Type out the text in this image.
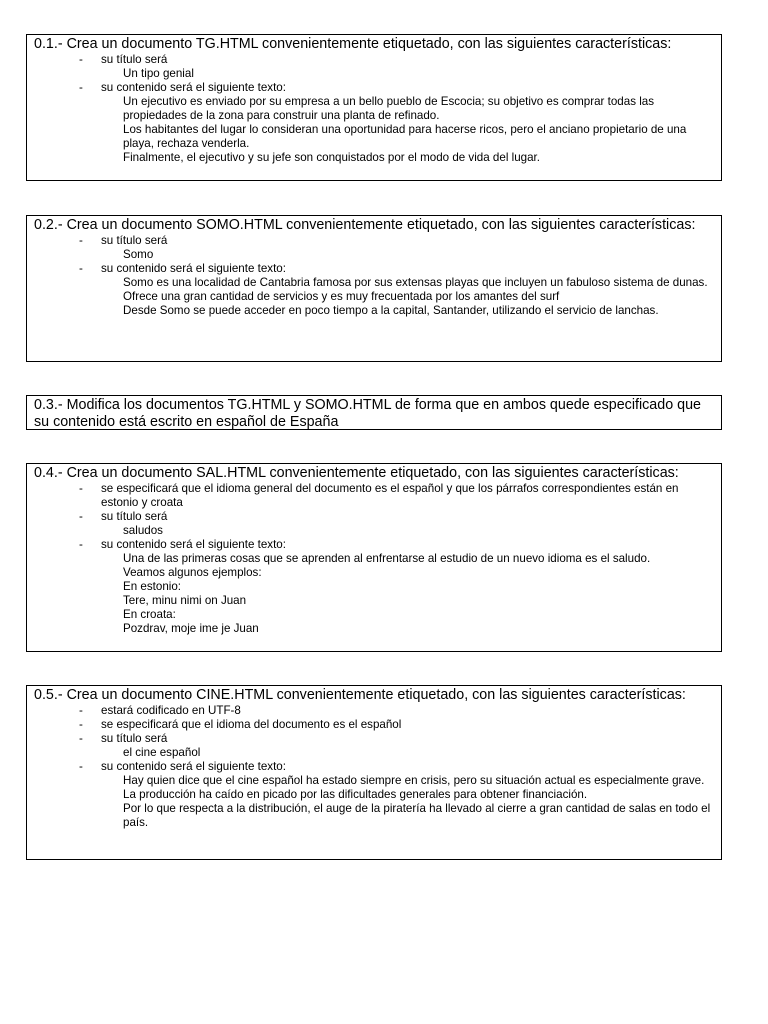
0.1.- Crea un documento TG.HTML convenientemente etiquetado, con las siguientes características:

- su título será
Un tipo genial
- su contenido será el siguiente texto:
Un ejecutivo es enviado por su empresa a un bello pueblo de Escocia; su objetivo es comprar todas las propiedades de la zona para construir una planta de refinado.
Los habitantes del lugar lo consideran una oportunidad para hacerse ricos, pero el anciano propietario de una playa, rechaza venderla.
Finalmente, el ejecutivo y su jefe son conquistados por el modo de vida del lugar.

0.2.- Crea un documento SOMO.HTML convenientemente etiquetado, con las siguientes características:

- su título será
Somo
- su contenido será el siguiente texto:
Somo es una localidad de Cantabria famosa por sus extensas playas que incluyen un fabuloso sistema de dunas.
Ofrece una gran cantidad de servicios y es muy frecuentada por los amantes del surf
Desde Somo se puede acceder en poco tiempo a la capital, Santander, utilizando el servicio de lanchas.

0.3.- Modifica los documentos TG.HTML y SOMO.HTML de forma que en ambos quede especificado que su contenido está escrito en español de España

0.4.- Crea un documento SAL.HTML convenientemente etiquetado, con las siguientes características:

- se especificará que el idioma general del documento es el español y que los párrafos correspondientes están en estonio y croata
- su título será
saludos
- su contenido será el siguiente texto:
Una de las primeras cosas que se aprenden al enfrentarse al estudio de un nuevo idioma es el saludo.
Veamos algunos ejemplos:
En estonio:
Tere, minu nimi on Juan
En croata:
Pozdrav, moje ime je Juan

0.5.- Crea un documento CINE.HTML convenientemente etiquetado, con las siguientes características:

- estará codificado en UTF-8
- se especificará que el idioma del documento es el español
- su título será
el cine español
- su contenido será el siguiente texto:
Hay quien dice que el cine español ha estado siempre en crisis, pero su situación actual es especialmente grave.
La producción ha caído en picado por las dificultades generales para obtener financiación.
Por lo que respecta a la distribución, el auge de la piratería ha llevado al cierre a gran cantidad de salas en todo el país.
